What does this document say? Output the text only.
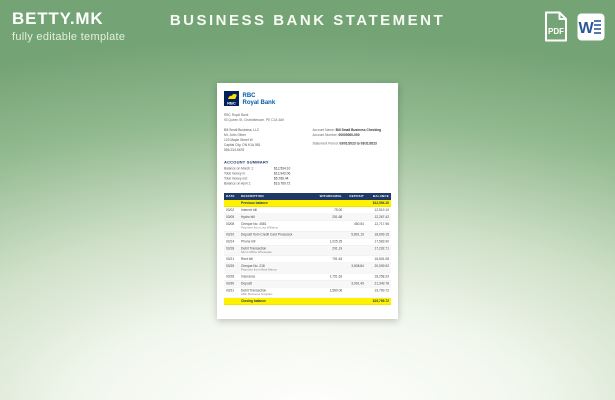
BETTY.MK
fully editable template
BUSINESS BANK STATEMENT
PDF W
RBC
RBC
Royal Bank
RBC Royal Bank
93 Queen St, Charlottetown, PE C1A 4A9
Bill Small Business, LLC
Mr. John Oliver
123 Maple Street W
Capital City, ON K1A 0B1
555-234-5678
Account Name: Bill Small Business Checking
Account Number: 00000000-000
Statement Period: 03/01/2023 to 03/31/2023
ACCOUNT SUMMARY
Balance on March 1:	$12,594.10
Total money in:	$12,942.06
Total money out:	$5,766.44
Balance on April 1:	$19,769.72
DATE	DESCRIPTION	WITHDRAWAL	DEPOSIT	BALANCE
	Previous balance			$12,594.10
03/02	Internet bill	75.00		12,519.10
03/05	Hydro bill	251.68		12,267.42
03/08	Cheque No. 4581
Payment from Lisa Williams		450.54	12,717.96
03/10	Deposit from Credit Card Processor		5,891.19	18,609.15
03/14	Phone bill	1,025.25		17,583.90
03/18	Debit Transaction
Micro Office Wholesale	291.19		17,292.71
03/21	Rent bill	791.63		16,501.08
03/25	Cheque No. 218
Payment from Mark Mason		3,508.84	20,009.92
03/28	Insurance	1,751.63		18,258.29
03/30	Deposit		3,091.49	21,349.78
03/31	Debit Transaction
ABC Business Supplies	1,580.06		19,769.72
	Closing balance			$19,769.72
